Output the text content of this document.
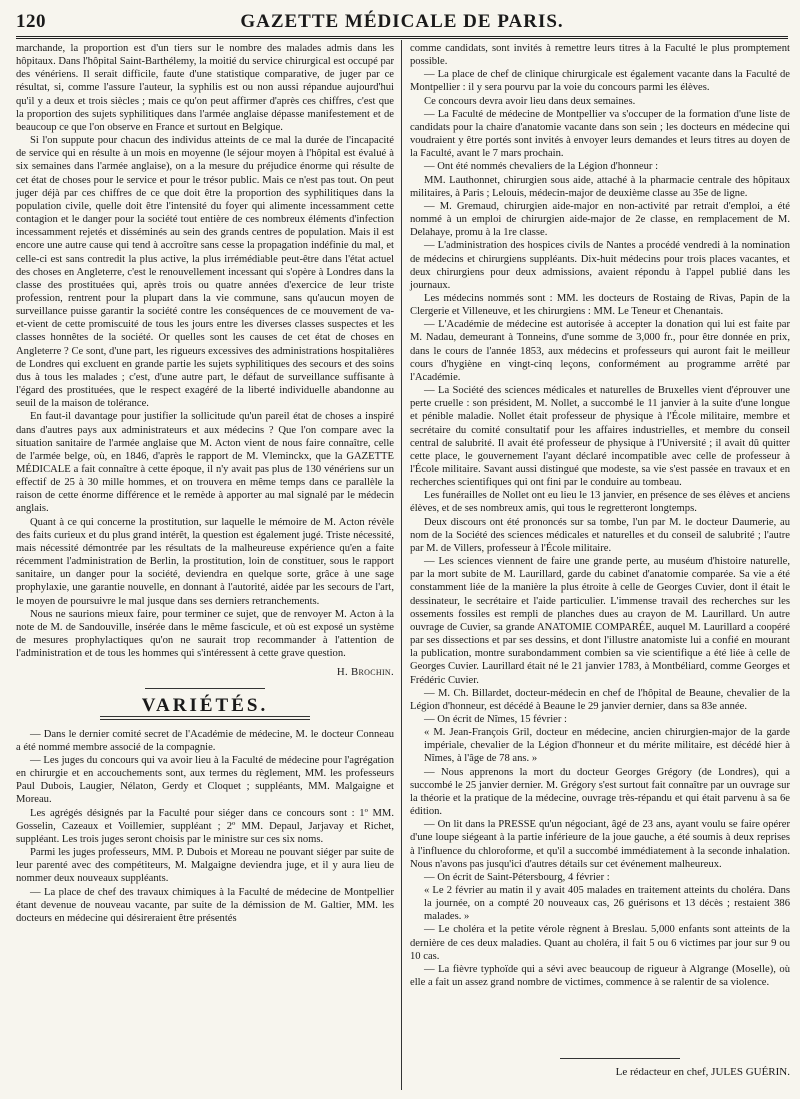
120	GAZETTE MÉDICALE DE PARIS.

marchande, la proportion est d'un tiers sur le nombre des malades admis dans les hôpitaux. Dans l'hôpital Saint-Barthélemy, la moitié du service chirurgical est occupé par des vénériens. Il serait difficile, faute d'une statistique comparative, de juger par ce résultat, si, comme l'assure l'auteur, la syphilis est ou non aussi répandue aujourd'hui qu'il y a deux et trois siècles ; mais ce qu'on peut affirmer d'après ces chiffres, c'est que la proportion des sujets syphilitiques dans l'armée anglaise dépasse manifestement et de beaucoup ce que l'on observe en France et surtout en Belgique.

Si l'on suppute pour chacun des individus atteints de ce mal la durée de l'incapacité de service qui en résulte à un mois en moyenne (le séjour moyen à l'hôpital est évalué à six semaines dans l'armée anglaise), on a la mesure du préjudice énorme qui résulte de cet état de choses pour le service et pour le trésor public. Mais ce n'est pas tout. On peut juger déjà par ces chiffres de ce que doit être la proportion des syphilitiques dans la population civile, quelle doit être l'intensité du foyer qui alimente incessamment cette contagion et le danger pour la société tout entière de ces nombreux éléments d'infection incessamment rejetés et disséminés au sein des grands centres de population. Mais il est encore une autre cause qui tend à accroître sans cesse la propagation indéfinie du mal, et celle-ci est sans contredit la plus active, la plus irrémédiable peut-être dans l'état actuel des choses en Angleterre, c'est le renouvellement incessant qui s'opère à Londres dans la classe des prostituées qui, après trois ou quatre années d'exercice de leur triste profession, rentrent pour la plupart dans la vie commune, sans qu'aucun moyen de surveillance puisse garantir la société contre les conséquences de ce mouvement de va-et-vient de cette promiscuité de tous les jours entre les diverses classes suspectes et les classes honnêtes de la société. Or quelles sont les causes de cet état de choses en Angleterre ? Ce sont, d'une part, les rigueurs excessives des administrations hospitalières de Londres qui excluent en grande partie les sujets syphilitiques des secours et des soins dus à tous les malades ; c'est, d'une autre part, le défaut de surveillance suffisante à l'égard des prostituées, que le respect exagéré de la liberté individuelle abandonne au seuil de la maison de tolérance.

En faut-il davantage pour justifier la sollicitude qu'un pareil état de choses a inspiré dans d'autres pays aux administrateurs et aux médecins ? Que l'on compare avec la situation sanitaire de l'armée anglaise que M. Acton vient de nous faire connaître, celle de l'armée belge, où, en 1846, d'après le rapport de M. Vleminckx, que la GAZETTE MÉDICALE a fait connaître à cette époque, il n'y avait pas plus de 130 vénériens sur un effectif de 25 à 30 mille hommes, et on trouvera en même temps dans ce parallèle la raison de cette énorme différence et le remède à apporter au mal signalé par le médecin anglais.

Quant à ce qui concerne la prostitution, sur laquelle le mémoire de M. Acton révèle des faits curieux et du plus grand intérêt, la question est également jugé. Triste nécessité, mais nécessité démontrée par les résultats de la malheureuse expérience qu'en a faite récemment l'administration de Berlin, la prostitution, loin de constituer, sous le rapport sanitaire, un danger pour la société, deviendra en quelque sorte, grâce à une sage prophylaxie, une garantie nouvelle, en donnant à l'autorité, aidée par les secours de l'art, le moyen de poursuivre le mal jusque dans ses derniers retranchements.

Nous ne saurions mieux faire, pour terminer ce sujet, que de renvoyer M. Acton à la note de M. de Sandouville, insérée dans le même fascicule, et où est exposé un système de mesures prophylactiques qu'on ne saurait trop recommander à l'attention de l'administration et de tous les hommes qui s'intéressent à cette grave question.

H. Brochin.
VARIÉTÉS.

— Dans le dernier comité secret de l'Académie de médecine, M. le docteur Conneau a été nommé membre associé de la compagnie.

— Les juges du concours qui va avoir lieu à la Faculté de médecine pour l'agrégation en chirurgie et en accouchements sont, aux termes du règlement, MM. les professeurs Paul Dubois, Laugier, Nélaton, Gerdy et Cloquet ; suppléants, MM. Malgaigne et Moreau.

Les agrégés désignés par la Faculté pour siéger dans ce concours sont : 1º MM. Gosselin, Cazeaux et Voillemier, suppléant ; 2º MM. Depaul, Jarjavay et Richet, suppléant. Les trois juges seront choisis par le ministre sur ces six noms.

Parmi les juges professeurs, MM. P. Dubois et Moreau ne pouvant siéger par suite de leur parenté avec des compétiteurs, M. Malgaigne deviendra juge, et il y aura lieu de nommer deux nouveaux suppléants.

— La place de chef des travaux chimiques à la Faculté de médecine de Montpellier étant devenue de nouveau vacante, par suite de la démission de M. Galtier, MM. les docteurs en médecine qui désireraient être présentés

comme candidats, sont invités à remettre leurs titres à la Faculté le plus promptement possible.

— La place de chef de clinique chirurgicale est également vacante dans la Faculté de Montpellier : il y sera pourvu par la voie du concours parmi les élèves.

Ce concours devra avoir lieu dans deux semaines.

— La Faculté de médecine de Montpellier va s'occuper de la formation d'une liste de candidats pour la chaire d'anatomie vacante dans son sein ; les docteurs en médecine qui voudraient y être portés sont invités à envoyer leurs demandes et leurs titres au doyen de la Faculté, avant le 7 mars prochain.

— Ont été nommés chevaliers de la Légion d'honneur :

MM. Lauthonnet, chirurgien sous aide, attaché à la pharmacie centrale des hôpitaux militaires, à Paris ; Lelouis, médecin-major de deuxième classe au 35e de ligne.

— M. Gremaud, chirurgien aide-major en non-activité par retrait d'emploi, a été nommé à un emploi de chirurgien aide-major de 2e classe, en remplacement de M. Delahaye, promu à la 1re classe.

— L'administration des hospices civils de Nantes a procédé vendredi à la nomination de médecins et chirurgiens suppléants. Dix-huit médecins pour trois places vacantes, et deux chirurgiens pour deux admissions, avaient répondu à l'appel publié dans les journaux.

Les médecins nommés sont : MM. les docteurs de Rostaing de Rivas, Papin de la Clergerie et Villeneuve, et les chirurgiens : MM. Le Teneur et Chenantais.

— L'Académie de médecine est autorisée à accepter la donation qui lui est faite par M. Nadau, demeurant à Tonneins, d'une somme de 3,000 fr., pour être donnée en prix, dans le cours de l'année 1853, aux médecins et professeurs qui auront fait le meilleur cours d'hygiène en vingt-cinq leçons, conformément au programme arrêté par l'Académie.

— La Société des sciences médicales et naturelles de Bruxelles vient d'éprouver une perte cruelle : son président, M. Nollet, a succombé le 11 janvier à la suite d'une longue et pénible maladie. Nollet était professeur de physique à l'École militaire, membre et secrétaire du comité consultatif pour les affaires industrielles, et membre du conseil central de salubrité. Il avait été professeur de physique à l'Université ; il avait dû quitter cette place, le gouvernement l'ayant déclaré incompatible avec celle de professeur à l'École militaire. Savant aussi distingué que modeste, sa vie s'est passée en travaux et en recherches scientifiques qui ont fini par le conduire au tombeau.

Les funérailles de Nollet ont eu lieu le 13 janvier, en présence de ses élèves et anciens élèves, et de ses nombreux amis, qui tous le regretteront longtemps.

Deux discours ont été prononcés sur sa tombe, l'un par M. le docteur Daumerie, au nom de la Société des sciences médicales et naturelles et du conseil de salubrité ; l'autre par M. de Villers, professeur à l'École militaire.

— Les sciences viennent de faire une grande perte, au muséum d'histoire naturelle, par la mort subite de M. Laurillard, garde du cabinet d'anatomie comparée. Sa vie a été constamment liée de la manière la plus étroite à celle de Georges Cuvier, dont il était le dessinateur, le secrétaire et l'aide particulier. L'immense travail des recherches sur les ossements fossiles est rempli de planches dues au crayon de M. Laurillard. Un autre ouvrage de Cuvier, sa grande ANATOMIE COMPARÉE, auquel M. Laurillard a coopéré par ses dissections et par ses dessins, et dont l'illustre anatomiste lui a confié en mourant la publication, montre surabondamment combien sa vie scientifique a été liée à celle de Georges Cuvier. Laurillard était né le 21 janvier 1783, à Montbéliard, comme Georges et Frédéric Cuvier.

— M. Ch. Billardet, docteur-médecin en chef de l'hôpital de Beaune, chevalier de la Légion d'honneur, est décédé à Beaune le 29 janvier dernier, dans sa 83e année.

— On écrit de Nîmes, 15 février :

« M. Jean-François Gril, docteur en médecine, ancien chirurgien-major de la garde impériale, chevalier de la Légion d'honneur et du mérite militaire, est décédé hier à Nîmes, à l'âge de 78 ans. »

— Nous apprenons la mort du docteur Georges Grégory (de Londres), qui a succombé le 25 janvier dernier. M. Grégory s'est surtout fait connaître par un ouvrage sur la théorie et la pratique de la médecine, ouvrage très-répandu et qui était parvenu à sa 6e édition.

— On lit dans la PRESSE qu'un négociant, âgé de 23 ans, ayant voulu se faire opérer d'une loupe siégeant à la partie inférieure de la joue gauche, a été soumis à deux reprises à l'influence du chloroforme, et qu'il a succombé immédiatement à la seconde inhalation. Nous n'avons pas jusqu'ici d'autres détails sur cet événement malheureux.

— On écrit de Saint-Pétersbourg, 4 février :

« Le 2 février au matin il y avait 405 malades en traitement atteints du choléra. Dans la journée, on a compté 20 nouveaux cas, 26 guérisons et 13 décès ; restaient 386 malades. »

— Le choléra et la petite vérole règnent à Breslau. 5,000 enfants sont atteints de la dernière de ces deux maladies. Quant au choléra, il fait 5 ou 6 victimes par jour sur 9 ou 10 cas.

— La fièvre typhoïde qui a sévi avec beaucoup de rigueur à Algrange (Moselle), où elle a fait un assez grand nombre de victimes, commence à se ralentir de sa violence.

Le rédacteur en chef, JULES GUÉRIN.
